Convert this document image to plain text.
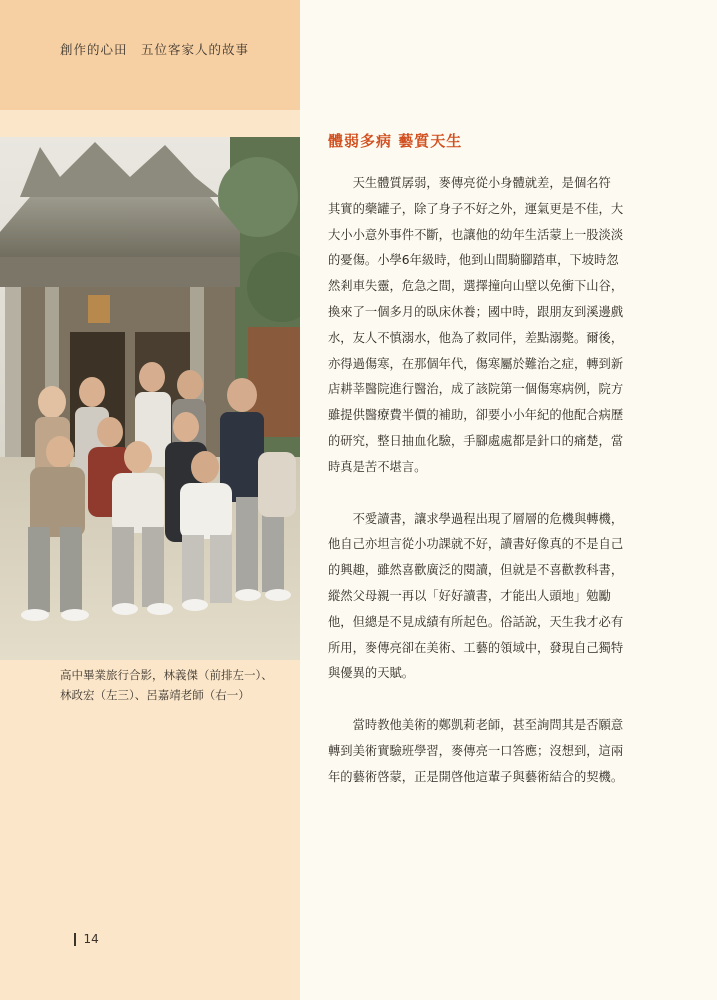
創作的心田　五位客家人的故事
高中畢業旅行合影，林義傑（前排左一）、
林政宏（左三）、呂嘉靖老師（右一）
14
體弱多病 藝質天生
　　天生體質孱弱，麥傳亮從小身體就差，是個名符
其實的藥罐子，除了身子不好之外，運氣更是不佳，大
大小小意外事件不斷，也讓他的幼年生活蒙上一股淡淡
的憂傷。小學6年級時，他到山間騎腳踏車，下坡時忽
然剎車失靈，危急之間，選擇撞向山壁以免衝下山谷，
換來了一個多月的臥床休養；國中時，跟朋友到溪邊戲
水，友人不慎溺水，他為了救同伴，差點溺斃。爾後，
亦得過傷寒，在那個年代，傷寒屬於難治之症，轉到新
店耕莘醫院進行醫治，成了該院第一個傷寒病例，院方
雖提供醫療費半價的補助，卻要小小年紀的他配合病歷
的研究，整日抽血化驗，手腳處處都是針口的痛楚，當
時真是苦不堪言。
　　不愛讀書，讓求學過程出現了層層的危機與轉機，
他自己亦坦言從小功課就不好，讀書好像真的不是自己
的興趣，雖然喜歡廣泛的閱讀，但就是不喜歡教科書，
縱然父母親一再以「好好讀書，才能出人頭地」勉勵
他，但總是不見成績有所起色。俗話說，天生我才必有
所用，麥傳亮卻在美術、工藝的領域中，發現自己獨特
與優異的天賦。
　　當時教他美術的鄭凱莉老師，甚至詢問其是否願意
轉到美術實驗班學習，麥傳亮一口答應；沒想到，這兩
年的藝術啓蒙，正是開啓他這輩子與藝術結合的契機。
